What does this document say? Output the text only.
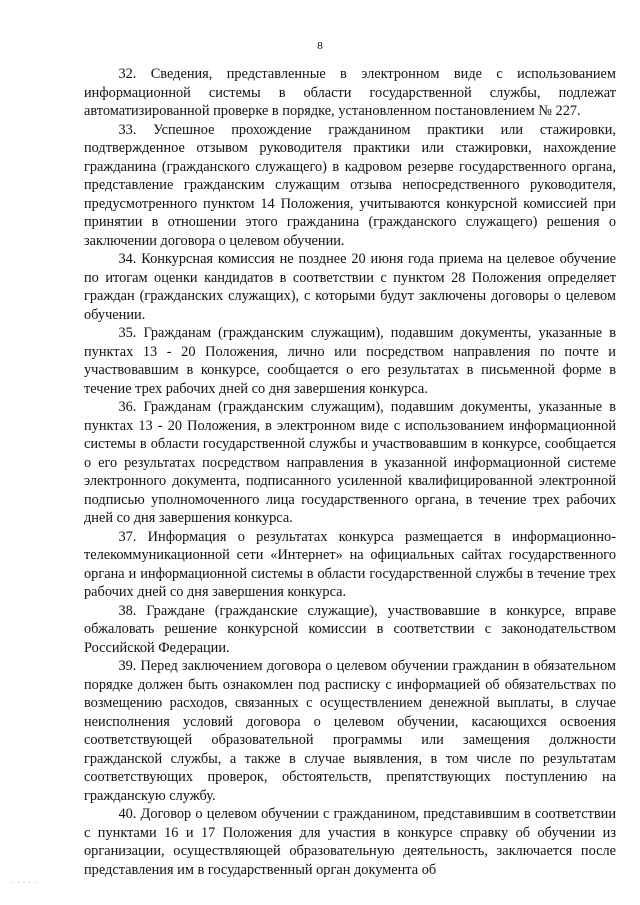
8

32. Сведения, представленные в электронном виде с использованием информационной системы в области государственной службы, подлежат автоматизированной проверке в порядке, установленном постановлением № 227.

33. Успешное прохождение гражданином практики или стажировки, подтвержденное отзывом руководителя практики или стажировки, нахождение гражданина (гражданского служащего) в кадровом резерве государственного органа, представление гражданским служащим отзыва непосредственного руководителя, предусмотренного пунктом 14 Положения, учитываются конкурсной комиссией при принятии в отношении этого гражданина (гражданского служащего) решения о заключении договора о целевом обучении.

34. Конкурсная комиссия не позднее 20 июня года приема на целевое обучение по итогам оценки кандидатов в соответствии с пунктом 28 Положения определяет граждан (гражданских служащих), с которыми будут заключены договоры о целевом обучении.

35. Гражданам (гражданским служащим), подавшим документы, указанные в пунктах 13 - 20 Положения, лично или посредством направления по почте и участвовавшим в конкурсе, сообщается о его результатах в письменной форме в течение трех рабочих дней со дня завершения конкурса.

36. Гражданам (гражданским служащим), подавшим документы, указанные в пунктах 13 - 20 Положения, в электронном виде с использованием информационной системы в области государственной службы и участвовавшим в конкурсе, сообщается о его результатах посредством направления в указанной информационной системе электронного документа, подписанного усиленной квалифицированной электронной подписью уполномоченного лица государственного органа, в течение трех рабочих дней со дня завершения конкурса.

37. Информация о результатах конкурса размещается в информационно-телекоммуникационной сети «Интернет» на официальных сайтах государственного органа и информационной системы в области государственной службы в течение трех рабочих дней со дня завершения конкурса.

38. Граждане (гражданские служащие), участвовавшие в конкурсе, вправе обжаловать решение конкурсной комиссии в соответствии с законодательством Российской Федерации.

39. Перед заключением договора о целевом обучении гражданин в обязательном порядке должен быть ознакомлен под расписку с информацией об обязательствах по возмещению расходов, связанных с осуществлением денежной выплаты, в случае неисполнения условий договора о целевом обучении, касающихся освоения соответствующей образовательной программы или замещения должности гражданской службы, а также в случае выявления, в том числе по результатам соответствующих проверок, обстоятельств, препятствующих поступлению на гражданскую службу.

40. Договор о целевом обучении с гражданином, представившим в соответствии с пунктами 16 и 17 Положения для участия в конкурсе справку об обучении из организации, осуществляющей образовательную деятельность, заключается после представления им в государственный орган документа об

· · · · ·
